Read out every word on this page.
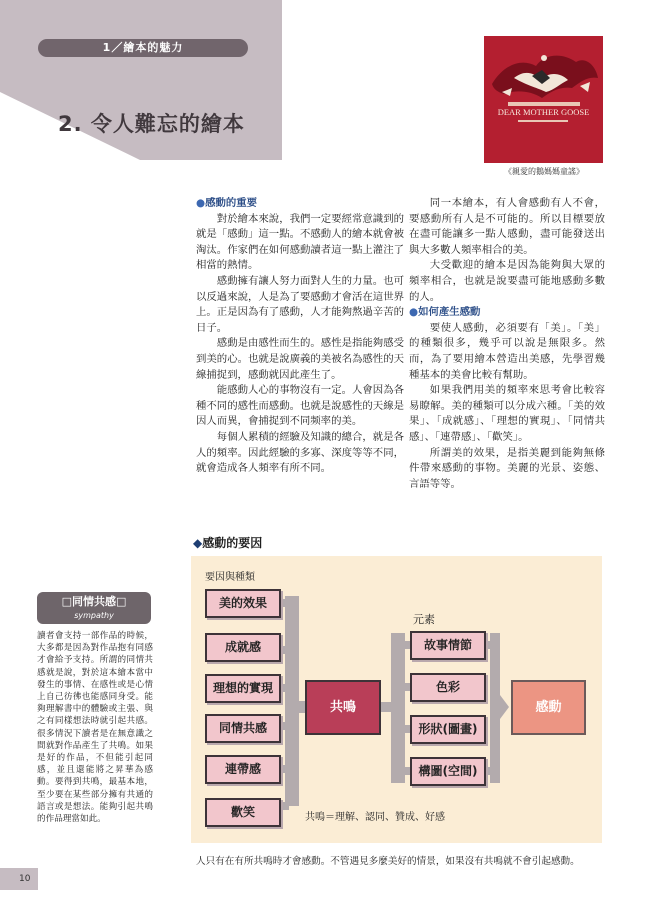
1／繪本的魅力
2. 令人難忘的繪本	DEAR MOTHER GOOSE
《親愛的鵝媽媽童謠》

●感動的重要

對於繪本來說，我們一定要經常意識到的就是「感動」這一點。不感動人的繪本就會被淘汰。作家們在如何感動讀者這一點上灌注了相當的熱情。

感動擁有讓人努力面對人生的力量。也可以反過來說，人是為了要感動才會活在這世界上。正是因為有了感動，人才能夠熬過辛苦的日子。

感動是由感性而生的。感性是指能夠感受到美的心。也就是說廣義的美被名為感性的天線捕捉到，感動就因此產生了。

能感動人心的事物沒有一定。人會因為各種不同的感性而感動。也就是說感性的天線是因人而異，會捕捉到不同频率的美。

每個人累積的經驗及知識的總合，就是各人的頻率。因此經驗的多寡、深度等等不同，就會造成各人頻率有所不同。

同一本繪本，有人會感動有人不會，要感動所有人是不可能的。所以目標要放在盡可能讓多一點人感動，盡可能發送出與大多數人頻率相合的美。

大受歡迎的繪本是因為能夠與大眾的頻率相合，也就是說要盡可能地感動多數的人。

●如何產生感動

要使人感動，必須要有「美」。「美」的種類很多，幾乎可以說是無限多。然而，為了要用繪本營造出美感，先學習幾種基本的美會比較有幫助。

如果我們用美的頻率來思考會比較容易瞭解。美的種類可以分成六種。「美的效果」、「成就感」、「理想的實現」、「同情共感」、「連帶感」、「歡笑」。

所謂美的效果，是指美麗到能夠無條件帶來感動的事物。美麗的光景、姿態、言語等等。

◆感動的要因
要因與種類
美的效果
成就感
理想的實現
同情共感
連帶感
歡笑
共鳴
元素
故事情節
色彩
形狀(圖畫)
構圖(空間)
感動
共鳴＝理解、認同、贊成、好感
人只有在有所共鳴時才會感動。不管遇見多麼美好的情景，如果沒有共鳴就不會引起感動。
□同情共感□
sympathy
讀者會支持一部作品的時候，大多都是因為對作品抱有同感才會給予支持。所謂的同情共感就是說，對於這本繪本當中發生的事情、在感性或是心情上自己彷彿也能感同身受。能夠理解書中的體驗或主張、與之有同樣想法時就引起共感。很多情況下讀者是在無意識之間就對作品產生了共鳴。如果是好的作品，不但能引起同感，並且還能將之昇華為感動。要得到共鳴，最基本地，至少要在某些部分擁有共通的語言或是想法。能夠引起共鳴的作品理當如此。
10
